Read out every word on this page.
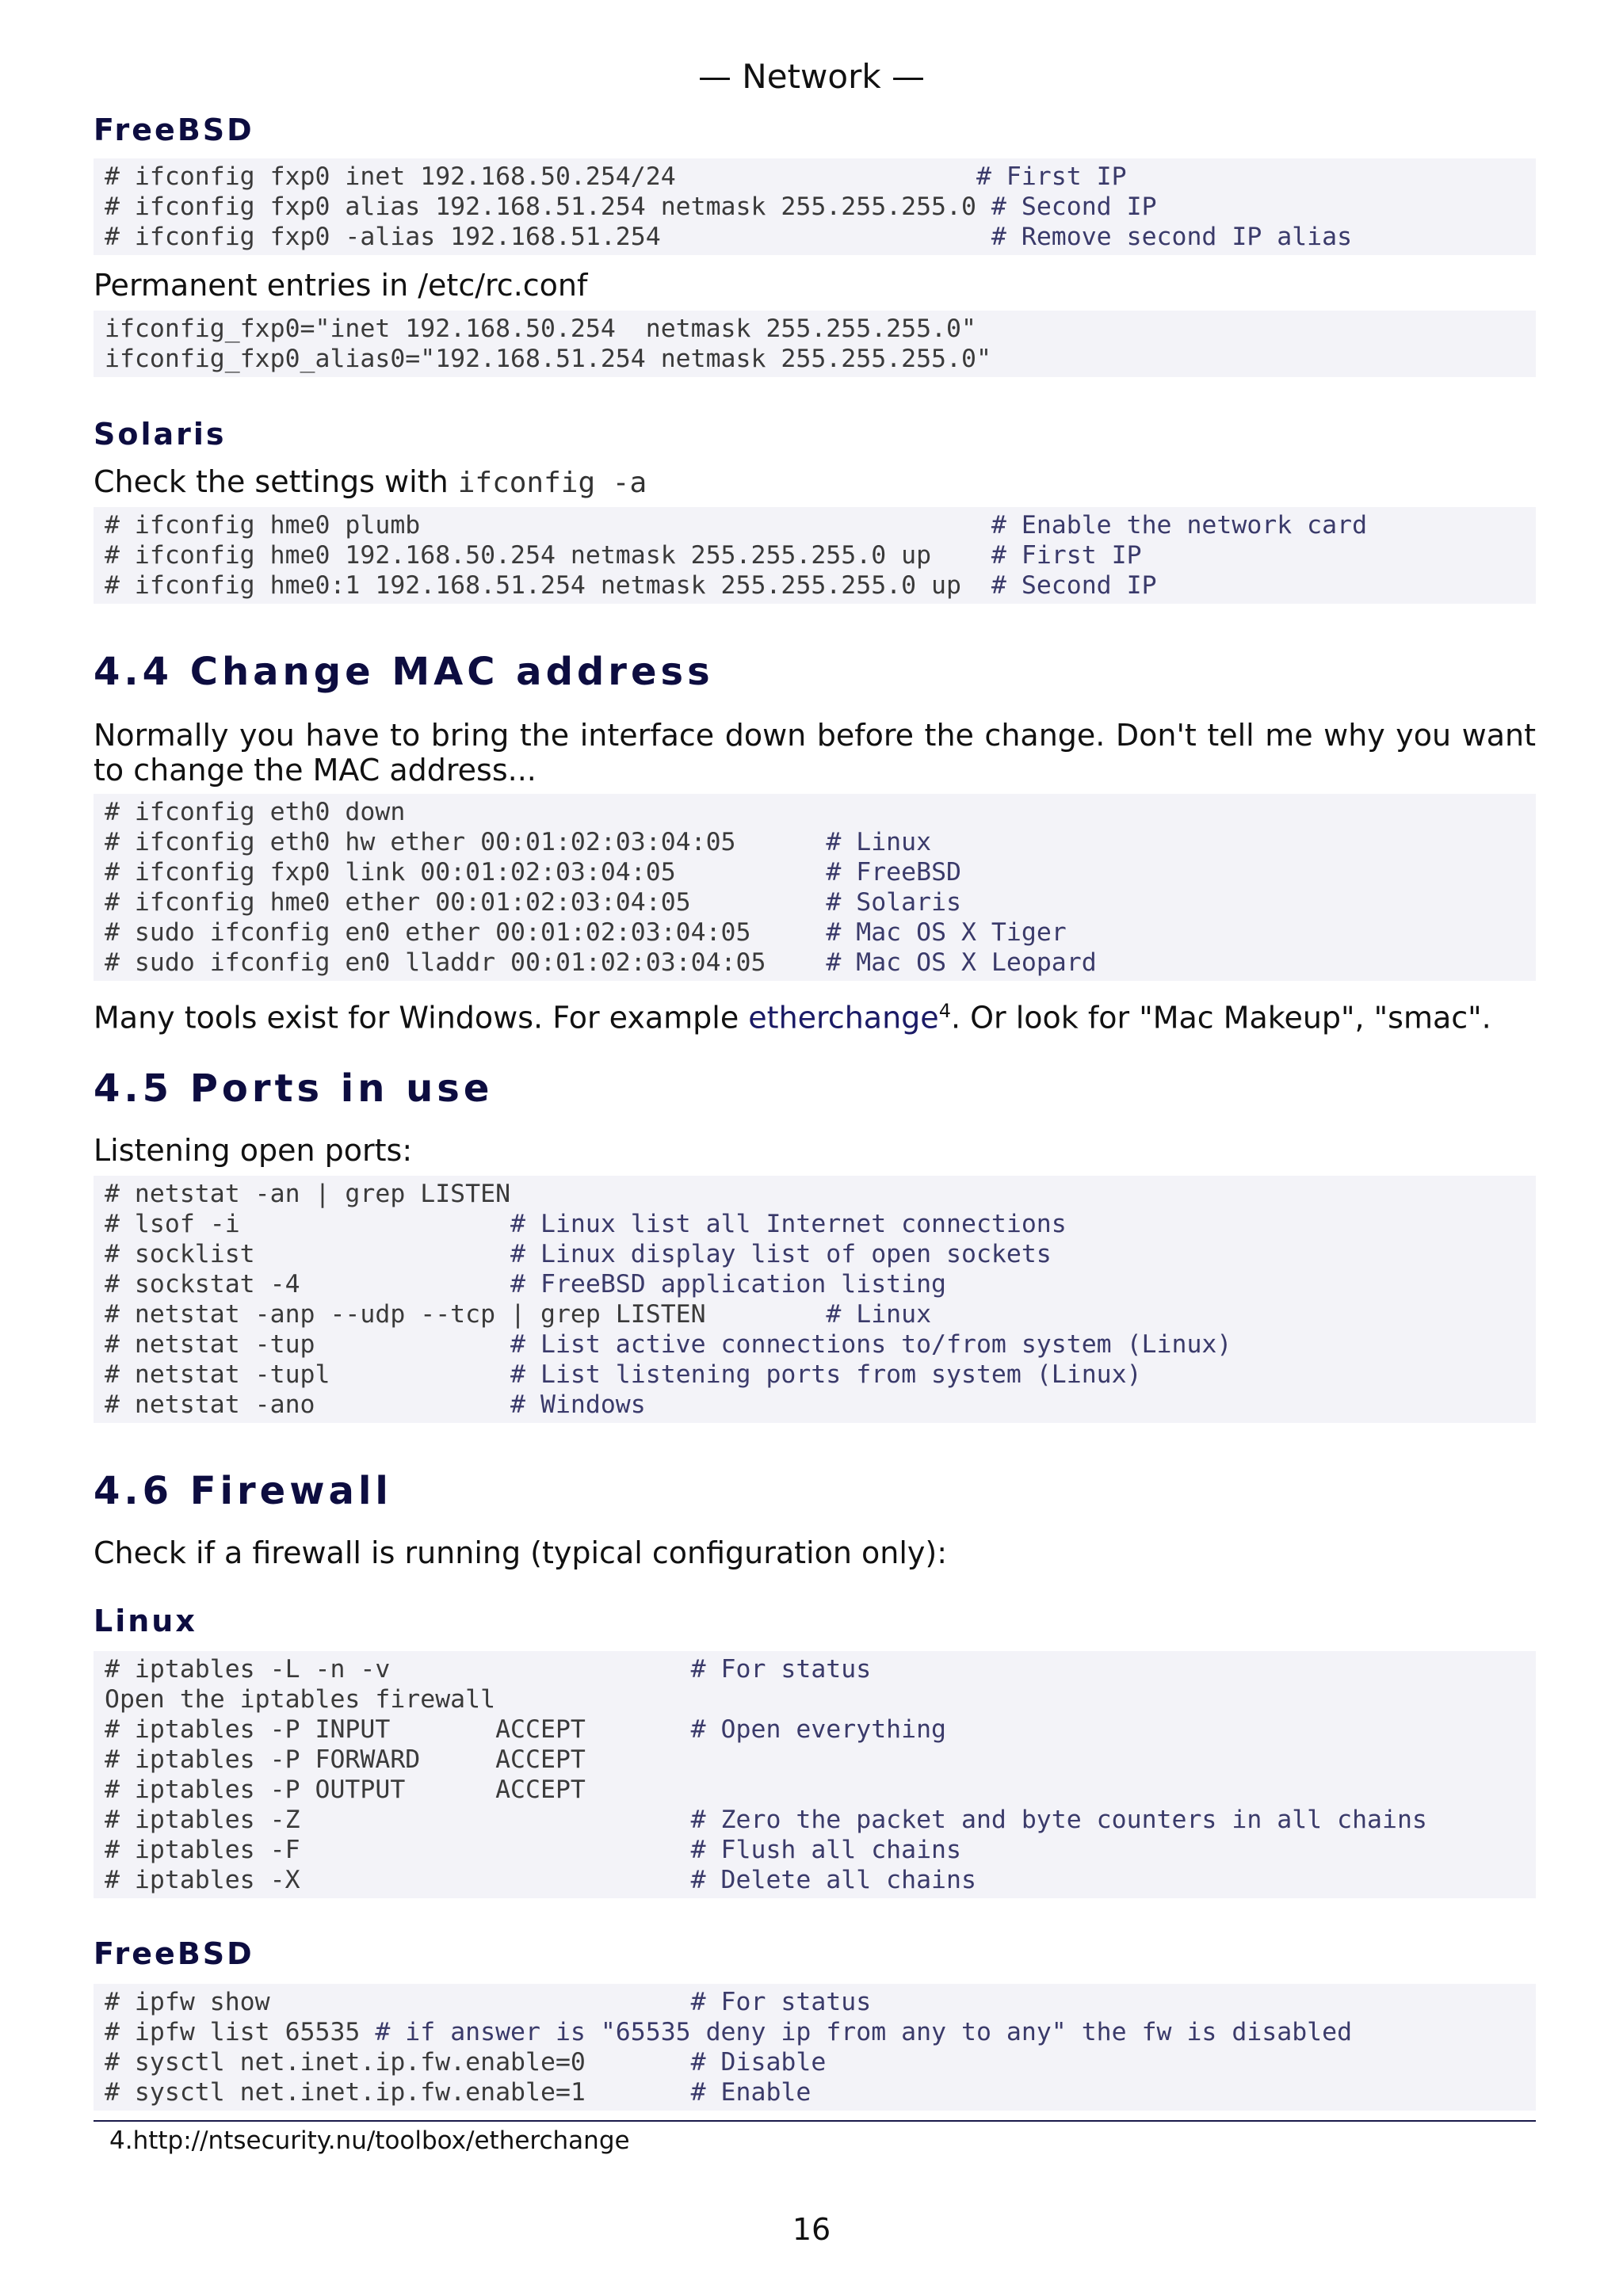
— Network —
FreeBSD
# ifconfig fxp0 inet 192.168.50.254/24                    # First IP
# ifconfig fxp0 alias 192.168.51.254 netmask 255.255.255.0 # Second IP
# ifconfig fxp0 -alias 192.168.51.254                      # Remove second IP alias

Permanent entries in /etc/rc.conf

ifconfig_fxp0="inet 192.168.50.254  netmask 255.255.255.0"
ifconfig_fxp0_alias0="192.168.51.254 netmask 255.255.255.0"
Solaris

Check the settings with ifconfig -a

# ifconfig hme0 plumb                                      # Enable the network card
# ifconfig hme0 192.168.50.254 netmask 255.255.255.0 up    # First IP
# ifconfig hme0:1 192.168.51.254 netmask 255.255.255.0 up  # Second IP
4.4 Change MAC address

Normally you have to bring the interface down before the change. Don't tell me why you want to change the MAC address...

# ifconfig eth0 down
# ifconfig eth0 hw ether 00:01:02:03:04:05      # Linux
# ifconfig fxp0 link 00:01:02:03:04:05          # FreeBSD
# ifconfig hme0 ether 00:01:02:03:04:05         # Solaris
# sudo ifconfig en0 ether 00:01:02:03:04:05     # Mac OS X Tiger
# sudo ifconfig en0 lladdr 00:01:02:03:04:05    # Mac OS X Leopard

Many tools exist for Windows. For example etherchange$^4$. Or look for "Mac Makeup", "smac".

4.5 Ports in use

Listening open ports:

# netstat -an | grep LISTEN
# lsof -i                  # Linux list all Internet connections
# socklist                 # Linux display list of open sockets
# sockstat -4              # FreeBSD application listing
# netstat -anp --udp --tcp | grep LISTEN        # Linux
# netstat -tup             # List active connections to/from system (Linux)
# netstat -tupl            # List listening ports from system (Linux)
# netstat -ano             # Windows
4.6 Firewall

Check if a firewall is running (typical configuration only):

Linux
# iptables -L -n -v                    # For status
Open the iptables firewall
# iptables -P INPUT       ACCEPT       # Open everything
# iptables -P FORWARD     ACCEPT
# iptables -P OUTPUT      ACCEPT
# iptables -Z                          # Zero the packet and byte counters in all chains
# iptables -F                          # Flush all chains
# iptables -X                          # Delete all chains
FreeBSD
# ipfw show                            # For status
# ipfw list 65535 # if answer is "65535 deny ip from any to any" the fw is disabled
# sysctl net.inet.ip.fw.enable=0       # Disable
# sysctl net.inet.ip.fw.enable=1       # Enable
4.http://ntsecurity.nu/toolbox/etherchange
16
